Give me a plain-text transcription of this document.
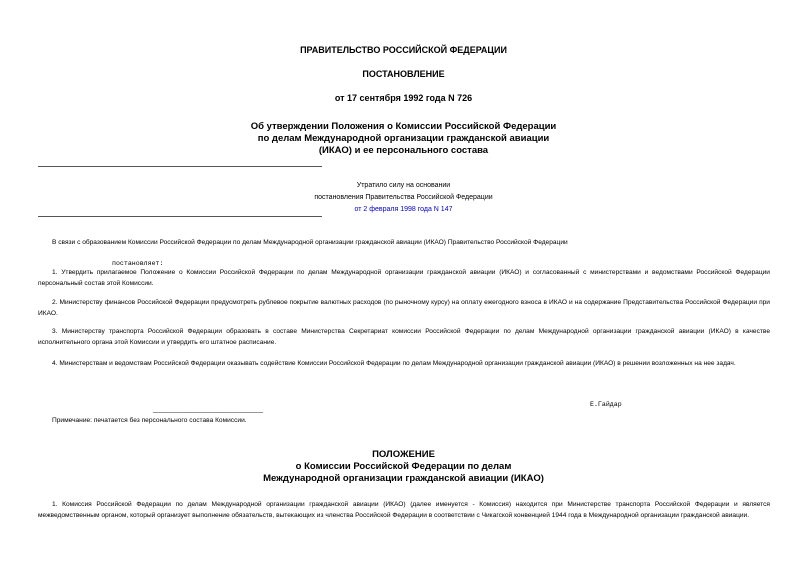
ПРАВИТЕЛЬСТВО РОССИЙСКОЙ ФЕДЕРАЦИИ
ПОСТАНОВЛЕНИЕ
от 17 сентября 1992 года N 726
Об утверждении Положения о Комиссии Российской Федерации
по делам Международной организации гражданской авиации
(ИКАО) и ее персонального состава
Утратило силу на основании
постановления Правительства Российской Федерации
от 2 февраля 1998 года N 147
В связи с образованием Комиссии Российской Федерации по делам Международной организации гражданской авиации (ИКАО) Правительство Российской Федерации
постановляет:
1. Утвердить прилагаемое Положение о Комиссии Российской Федерации по делам Международной организации гражданской авиации (ИКАО) и согласованный с министерствами и ведомствами Российской Федерации персональный состав этой Комиссии.
2. Министерству финансов Российской Федерации предусмотреть рублевое покрытие валютных расходов (по рыночному курсу) на оплату ежегодного взноса в ИКАО и на содержание Представительства Российской Федерации при ИКАО.
3. Министерству транспорта Российской Федерации образовать в составе Министерства Секретариат комиссии Российской Федерации по делам Международной организации гражданской авиации (ИКАО) в качестве исполнительного органа этой Комиссии и утвердить его штатное расписание.
4. Министерствам и ведомствам Российской Федерации оказывать содействие Комиссии Российской Федерации по делам Международной организации гражданской авиации (ИКАО) в решении возложенных на нее задач.
Е.Гайдар
______________________________
Примечание: печатается без персонального состава Комиссии.
ПОЛОЖЕНИЕ
о Комиссии Российской Федерации по делам
Международной организации гражданской авиации (ИКАО)
1. Комиссия Российской Федерации по делам Международной организации гражданской авиации (ИКАО) (далее именуется - Комиссия) находится при Министерстве транспорта Российской Федерации и является межведомственным органом, который организует выполнение обязательств, вытекающих из членства Российской Федерации в соответствии с Чикагской конвенцией 1944 года в Международной организации гражданской авиации.
